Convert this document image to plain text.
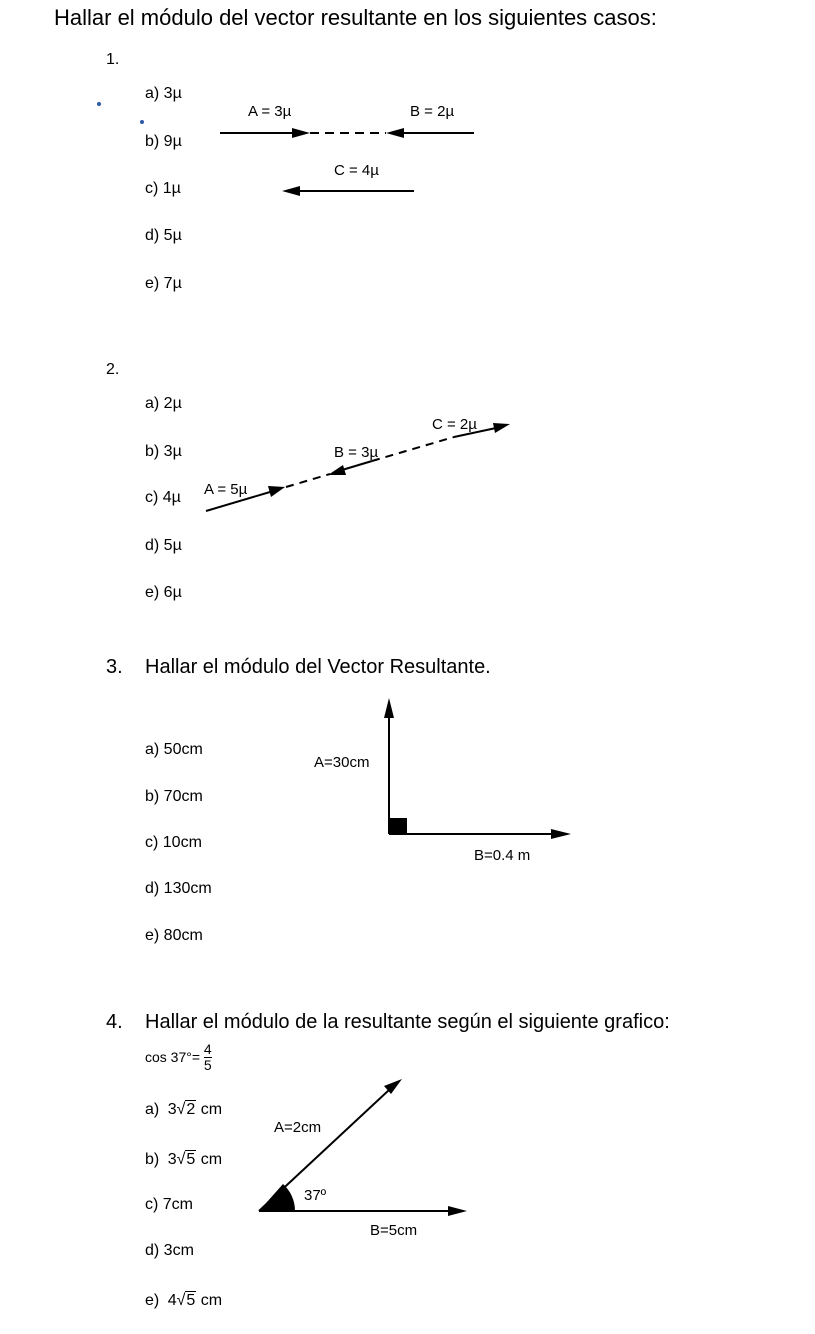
Hallar el módulo del vector resultante en los siguientes casos:
1.
a) 3µ
b) 9µ
c) 1µ
d) 5µ
e) 7µ
A = 3µ	B = 2µ
C = 4µ
2.
a) 2µ
b) 3µ
c) 4µ
d) 5µ
e) 6µ
A = 5µ
B = 3µ
C = 2µ
3. Hallar el módulo del Vector Resultante.
a) 50cm
b) 70cm
c) 10cm
d) 130cm
e) 80cm
A=30cm
B=0.4 m
4. Hallar el módulo de la resultante según el siguiente grafico:
$\cos 37^\circ= \frac{4}{5}$
a) 3√2 cm
b) 3√5 cm
c) 7cm
d) 3cm
e) 4√5 cm
A=2cm
B=5cm
37º
